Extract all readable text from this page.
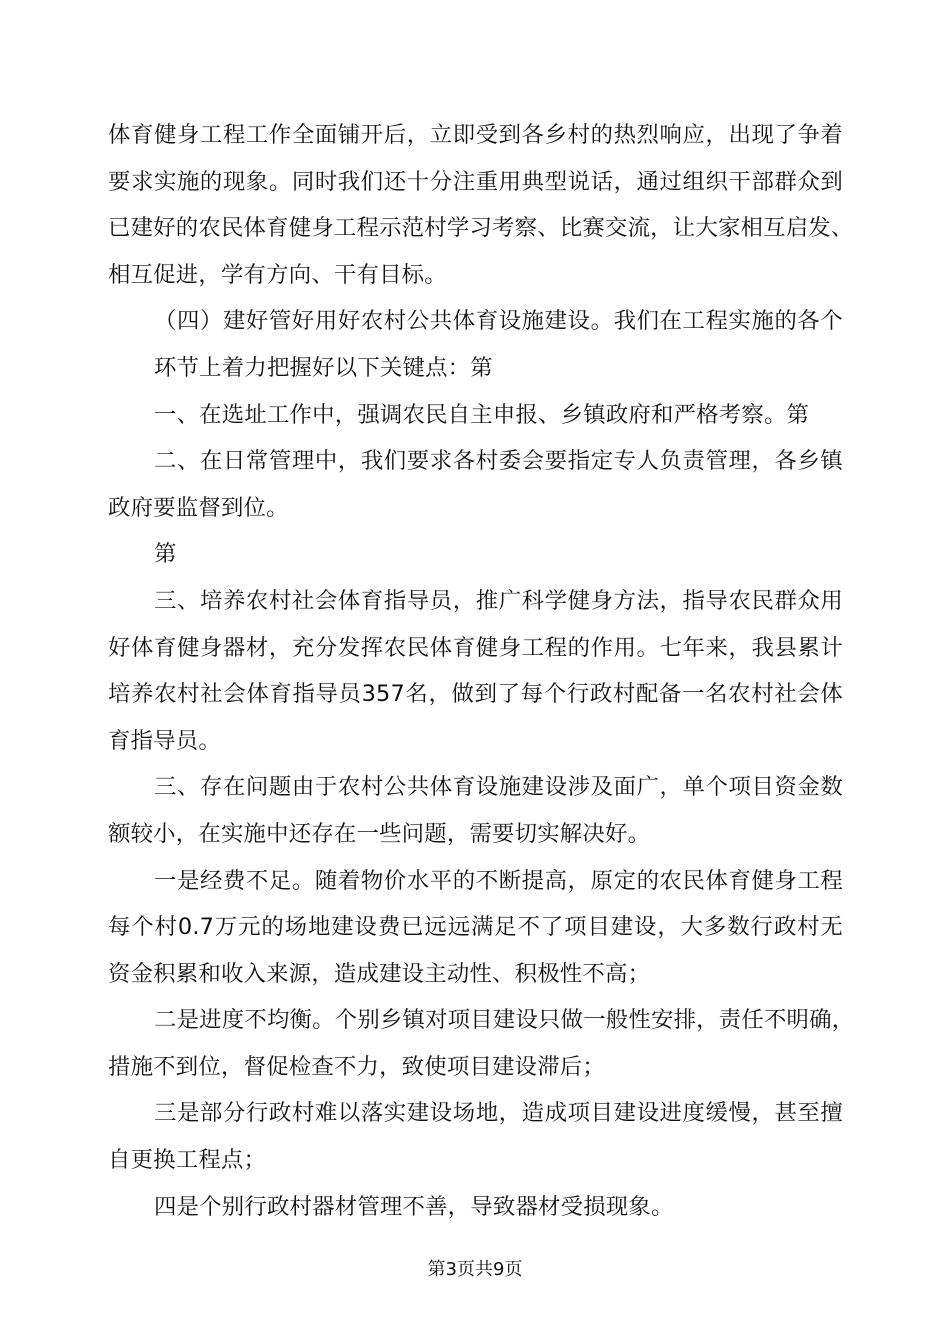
体育健身工程工作全面铺开后，立即受到各乡村的热烈响应，出现了争着
要求实施的现象。同时我们还十分注重用典型说话，通过组织干部群众到
已建好的农民体育健身工程示范村学习考察、比赛交流，让大家相互启发、
相互促进，学有方向、干有目标。
（四）建好管好用好农村公共体育设施建设。我们在工程实施的各个
环节上着力把握好以下关键点：第
一、在选址工作中，强调农民自主申报、乡镇政府和严格考察。第
二、在日常管理中，我们要求各村委会要指定专人负责管理，各乡镇
政府要监督到位。
第
三、培养农村社会体育指导员，推广科学健身方法，指导农民群众用
好体育健身器材，充分发挥农民体育健身工程的作用。七年来，我县累计
培养农村社会体育指导员357名，做到了每个行政村配备一名农村社会体
育指导员。
三、存在问题由于农村公共体育设施建设涉及面广，单个项目资金数
额较小，在实施中还存在一些问题，需要切实解决好。
一是经费不足。随着物价水平的不断提高，原定的农民体育健身工程
每个村0.7万元的场地建设费已远远满足不了项目建设，大多数行政村无
资金积累和收入来源，造成建设主动性、积极性不高；
二是进度不均衡。个别乡镇对项目建设只做一般性安排，责任不明确，
措施不到位，督促检查不力，致使项目建设滞后；
三是部分行政村难以落实建设场地，造成项目建设进度缓慢，甚至擅
自更换工程点；
四是个别行政村器材管理不善，导致器材受损现象。
第3页共9页
